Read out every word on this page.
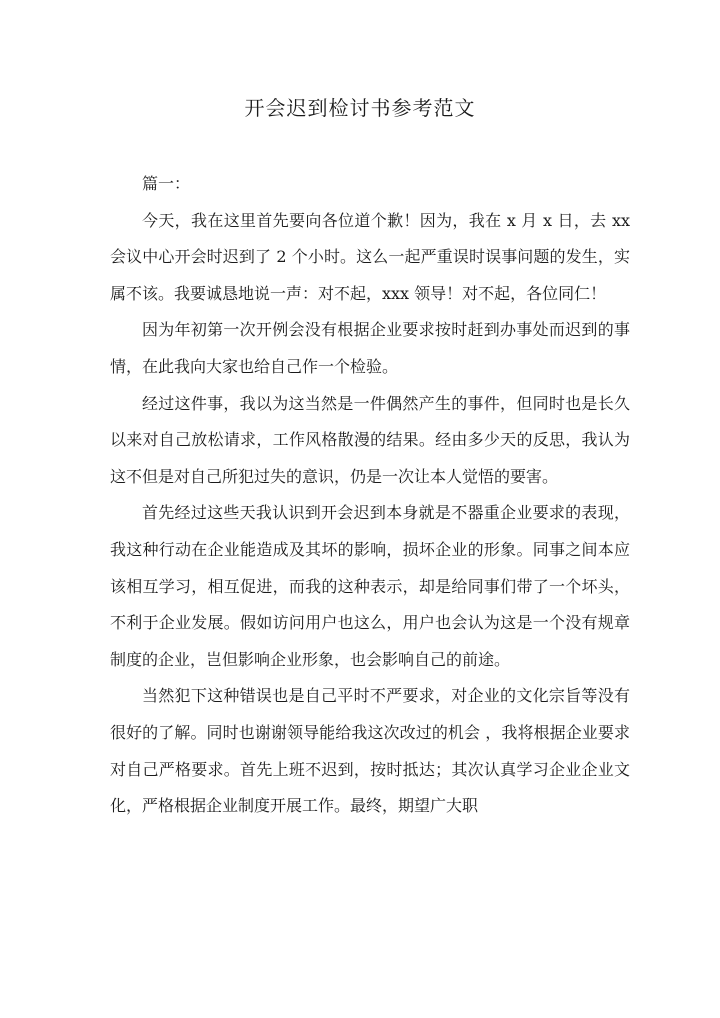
开会迟到检讨书参考范文

篇一：

今天，我在这里首先要向各位道个歉！因为，我在 x 月 x 日，去 xx 会议中心开会时迟到了 2 个小时。这么一起严重误时误事问题的发生，实属不该。我要诚恳地说一声：对不起，xxx 领导！对不起，各位同仁！

因为年初第一次开例会没有根据企业要求按时赶到办事处而迟到的事情，在此我向大家也给自己作一个检验。

经过这件事，我以为这当然是一件偶然产生的事件，但同时也是长久以来对自己放松请求，工作风格散漫的结果。经由多少天的反思，我认为这不但是对自己所犯过失的意识，仍是一次让本人觉悟的要害。

首先经过这些天我认识到开会迟到本身就是不器重企业要求的表现，我这种行动在企业能造成及其坏的影响，损坏企业的形象。同事之间本应该相互学习，相互促进，而我的这种表示，却是给同事们带了一个坏头，不利于企业发展。假如访问用户也这么，用户也会认为这是一个没有规章制度的企业，岂但影响企业形象，也会影响自己的前途。

当然犯下这种错误也是自己平时不严要求，对企业的文化宗旨等没有很好的了解。同时也谢谢领导能给我这次改过的机会 ，我将根据企业要求对自己严格要求。首先上班不迟到，按时抵达；其次认真学习企业企业文化，严格根据企业制度开展工作。最终，期望广大职
